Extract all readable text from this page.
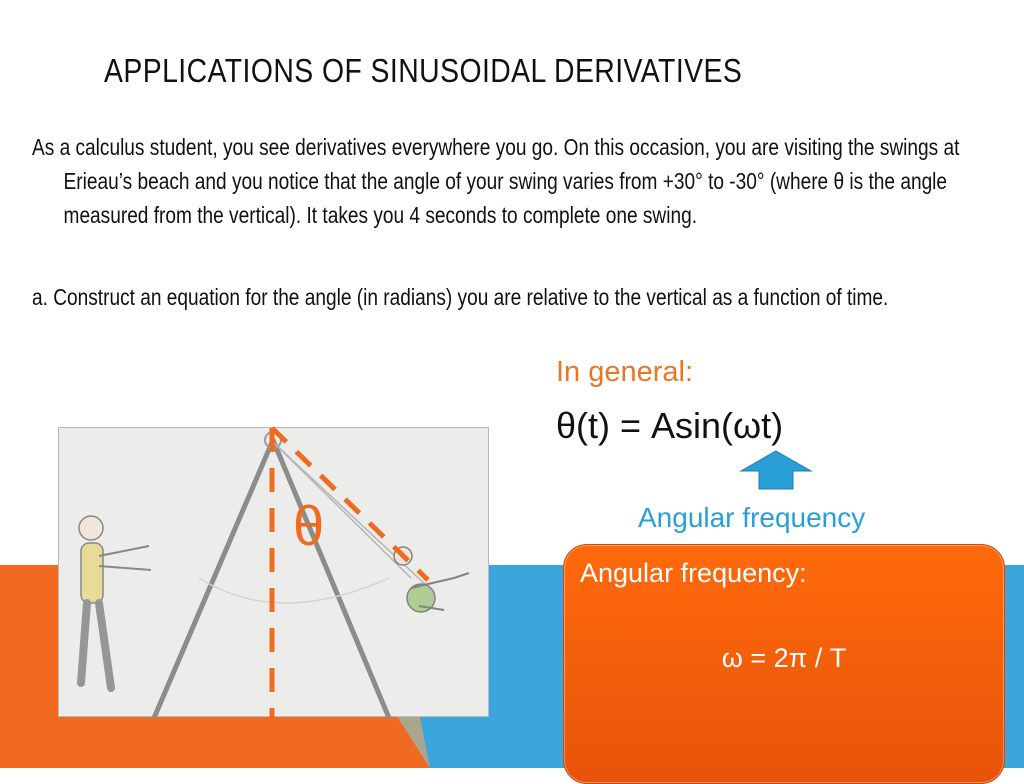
APPLICATIONS OF SINUSOIDAL DERIVATIVES

As a calculus student, you see derivatives everywhere you go. On this occasion, you are visiting the swings at Erieau’s beach and you notice that the angle of your swing varies from +30° to -30° (where θ is the angle measured from the vertical). It takes you 4 seconds to complete one swing.

a. Construct an equation for the angle (in radians) you are relative to the vertical as a function of time.

θ
In general:
θ(t) = Asin(ωt)
Angular frequency
Angular frequency:
ω = 2π / T
